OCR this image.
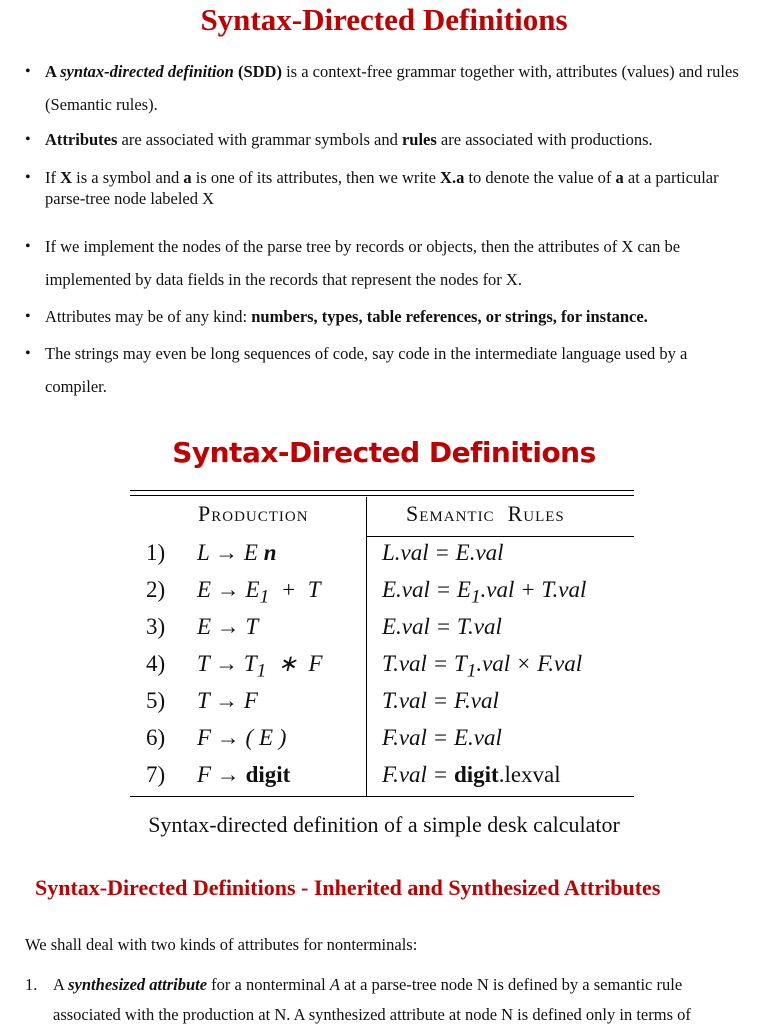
Syntax-Directed Definitions
• A syntax-directed definition (SDD) is a context-free grammar together with, attributes (values) and rules (Semantic rules).
• Attributes are associated with grammar symbols and rules are associated with productions.
• If X is a symbol and a is one of its attributes, then we write X.a to denote the value of a at a particular parse-tree node labeled X
• If we implement the nodes of the parse tree by records or objects, then the attributes of X can be implemented by data fields in the records that represent the nodes for X.
• Attributes may be of any kind: numbers, types, table references, or strings, for instance.
• The strings may even be long sequences of code, say code in the intermediate language used by a compiler.
Syntax-Directed Definitions
Production	Semantic  Rules
1) L → E n	L.val = E.val
2) $E \to E_1 + T$	$E.val = E_1.val + T.val$
3) E → T	E.val = T.val
4) $T \to T_1$  ∗  F	$T.val = T_1.val \times F.val$
5) T → F	T.val = F.val
6) F → ( E )	F.val = E.val
7) F → digit	F.val = digit.lexval
Syntax-directed definition of a simple desk calculator
Syntax-Directed Definitions - Inherited and Synthesized Attributes
We shall deal with two kinds of attributes for nonterminals:
1. A synthesized attribute for a nonterminal A at a parse-tree node N is defined by a semantic rule associated with the production at N. A synthesized attribute at node N is defined only in terms of
